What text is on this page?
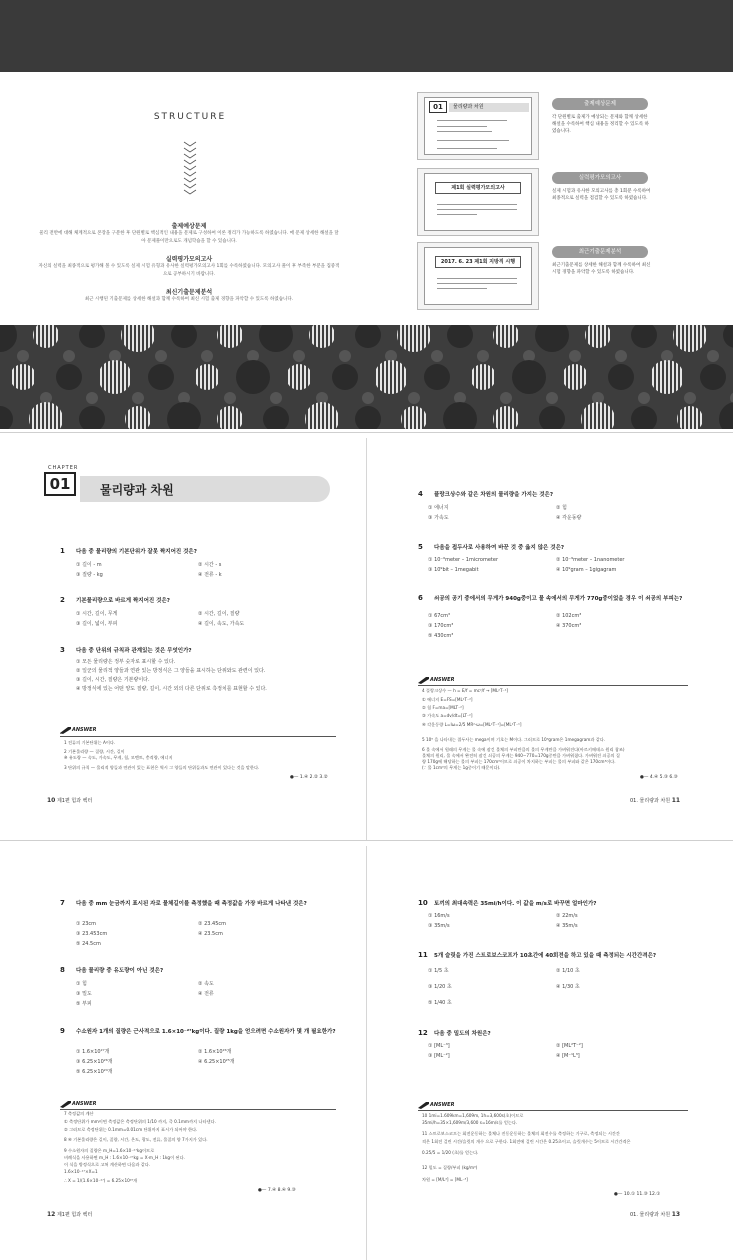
STRUCTURE
출제예상문제
물리 전반에 대해 체계적으로 본장을 구분한 후 단원별로 핵심적인 내용을 문제로 구성하여 이론 정리가 가능하도록 하였습니다. 매 문제 상세한 해설을 달아 문제풀이만으로도 개념학습을 할 수 있습니다.
실력평가모의고사
자신의 실력을 최종적으로 평가해 볼 수 있도록 실제 시험 유형과 유사한 실력평가모의고사 1회를 수록하였습니다. 모의고사 풀이 후 부족한 부분을 집중적으로 공부하시기 바랍니다.
최신기출문제분석
최근 시행된 기출문제를 상세한 해설과 함께 수록하여 최신 시험 출제 경향을 파악할 수 있도록 하였습니다.
01	물리량과 차원
제1회 실력평가모의고사
2017. 6. 23 제1회 지방직 시행
출제예상문제
각 단원별로 출제가 예상되는 문제와 함께 상세한 해설을 수록하여 핵심 내용을 정리할 수 있도록 하였습니다.
실력평가모의고사
실제 시험과 유사한 모의고사를 총 1회분 수록하여 최종적으로 실력을 점검할 수 있도록 하였습니다.
최근기출문제분석
최근기출문제를 상세한 해설과 함께 수록하여 최신 시험 경향을 파악할 수 있도록 하였습니다.
CHAPTER
01	물리량과 차원
1 다음 중 물리량의 기본단위가 잘못 짝지어진 것은?
① 길이 - m	② 시간 - s
③ 질량 - kg	④ 전류 - k
2 기본물리량으로 바르게 짝지어진 것은?
① 시간, 길이, 무게	② 시간, 길이, 질량
③ 길이, 넓이, 부피	④ 길이, 속도, 가속도
3 다음 중 단위의 규칙과 관계있는 것은 무엇인가?
① 모든 물리량은 정부 숫자로 표시할 수 있다.
② 일군의 물리적 양들과 연관 있는 방정식은 그 양들을 표시하는 단위와도 관련이 있다.
③ 길이, 시간, 질량은 기본량이다.
④ 방정식에 있는 어떤 양도 질량, 길이, 시간 외의 다른 단위로 측정치를 표현할 수 있다.
ANSWER
1 전류의 기본단위는 A이다.
2 기본물리량 — 질량, 시간, 길이
※ 유도량 — 속도, 가속도, 무게, 힘, 모멘트, 충격량, 에너지
3 단위의 규칙 — 물리적 양들과 연관이 있는 표현은 역시 그 양들의 단위들과도 연관이 있다는 것을 말한다.
●— 1.④ 2.② 3.②
10 제1편 힘과 벡터
4 플랑크상수와 같은 차원의 물리량을 가지는 것은?
① 에너지	② 힘
③ 가속도	④ 각운동량
5 다음을 접두사로 사용하여 바꾼 것 중 옳지 않은 것은?
① 10⁻⁶meter – 1micrometer	② 10⁻⁹meter – 1nanometer
③ 10⁹bit – 1megabit	④ 10⁹gram – 1gigagram
6 쇠공의 공기 중에서의 무게가 940g중이고 물 속에서의 무게가 770g중이었을 경우 이 쇠공의 부피는?
① 67cm³	② 102cm³
③ 170cm³	④ 370cm³
⑤ 430cm³
ANSWER
4 플랑크상수 — h = E/f = mc²/f → [ML²T⁻¹]
① 에너지 E=FS=[ML²T⁻²]
② 힘 F=ma=[MLT⁻²]
③ 가속도 a=dv/dt=[LT⁻²]
④ 각운동량 L=Iω=2/5 MR²·ω=[ML²T⁻¹]=[ML²T⁻¹]
5 10⁶ 을 나타내는 접두사는 mega이며 기호는 M이다. 그러므로 10⁶gram은 1megagram과 같다.
6 물 속에서 원래의 무게는 물 속에 잠긴 물체의 부피만큼의 물의 무게만큼 가벼워진다(아르키메데스 원리 참조)
물체의 원리, 물 속에서 완전히 잠긴 쇠공의 무게는 940−770=170g중만큼 가벼워졌다. 가벼워진 쇠공의 질
량 170g에 해당하는 물의 부피는 170cm³이므로 쇠공이 차지하는 부피는 물의 부피와 같은 170cm³이다.
(∵ 물 1cm³의 무게는 1g중이기 때문이다).
●— 4.④ 5.③ 6.③
01. 물리량과 차원 11
7 다음 중 mm 눈금까지 표시된 자로 물체길이를 측정했을 때 측정값을 가장 바르게 나타낸 것은?
① 23cm	② 23.45cm
③ 23.453cm	④ 23.5cm
⑤ 24.5cm
8 다음 물리량 중 유도량이 아닌 것은?
① 힘	② 속도
③ 밀도	④ 전류
⑤ 부피
9 수소원자 1개의 질량은 근사적으로 1.6×10⁻²⁷kg이다. 질량 1kg을 얻으려면 수소원자가 몇 개 필요한가?
① 1.6×10²⁷개	② 1.6×10²⁶개
③ 6.25×10²⁶개	④ 6.25×10²⁵개
⑤ 6.25×10²⁴개
ANSWER
7 측정값의 계산
① 측정단위가 mm이면 측정값은 측정단위의 1/10 까지, 즉 0.1mm까지 나타낸다.
② 그러므로 측정단위는 0.1mm=0.01cm 단위까지 표시가 되어야 한다.
8 ④ 기본물리량은 길이, 질량, 시간, 온도, 광도, 전류, 물질의 양 7가지가 있다.
9 수소원자의 질량은 m_H=1.6×10⁻²⁷kg이므로
비례식을 사용하면 m_H : 1.6×10⁻²⁷kg = X·m_H : 1kg이 된다.
이 식을 방정식으로 고쳐 계산하면 다음과 같다.
1.6×10⁻²⁷×X=1
∴ X = 1/(1.6×10⁻²⁷) = 6.25×10²⁶개
●— 7.④ 8.④ 9.③
12 제1편 힘과 벡터
10 토끼의 최대속력은 35mi/h이다. 이 값을 m/s로 바꾸면 얼마인가?
① 16m/s	② 22m/s
③ 35m/s	④ 35m/s
11 5개 슬릿을 가진 스트로보스코프가 10초간에 40회전을 하고 있을 때 측정되는 시간간격은?
① 1/5 초	② 1/10 초
③ 1/20 초	④ 1/30 초
⑤ 1/40 초
12 다음 중 밀도의 차원은?
① [ML⁻³]	② [ML²T⁻²]
③ [ML⁻²]	④ [M⁻¹L³]
ANSWER
10 1mi=1.609km=1,609m, 1h=3,600s(초)이므로
35mi/h=35×1,609m/3,600 s=16m/s를 얻는다.
11 스트로보스코프는 회전운동하는 물체나 진동운동하는 물체의 회전수를 측정하는 기구로, 측정되는 시간간
격은 1회전 걸린 시간/슬릿의 개수 으로 구한다. 1회전에 걸린 시간은 0.25초이고, 슬릿개수는 5이므로 시간간격은
0.25/5 = 1/20 (초)를 얻는다.
12 밀도 = 질량/부피 (kg/m³)
차원 = [M/L³] = [ML⁻³]
●— 10.① 11.③ 12.①
01. 물리량과 차원 13
